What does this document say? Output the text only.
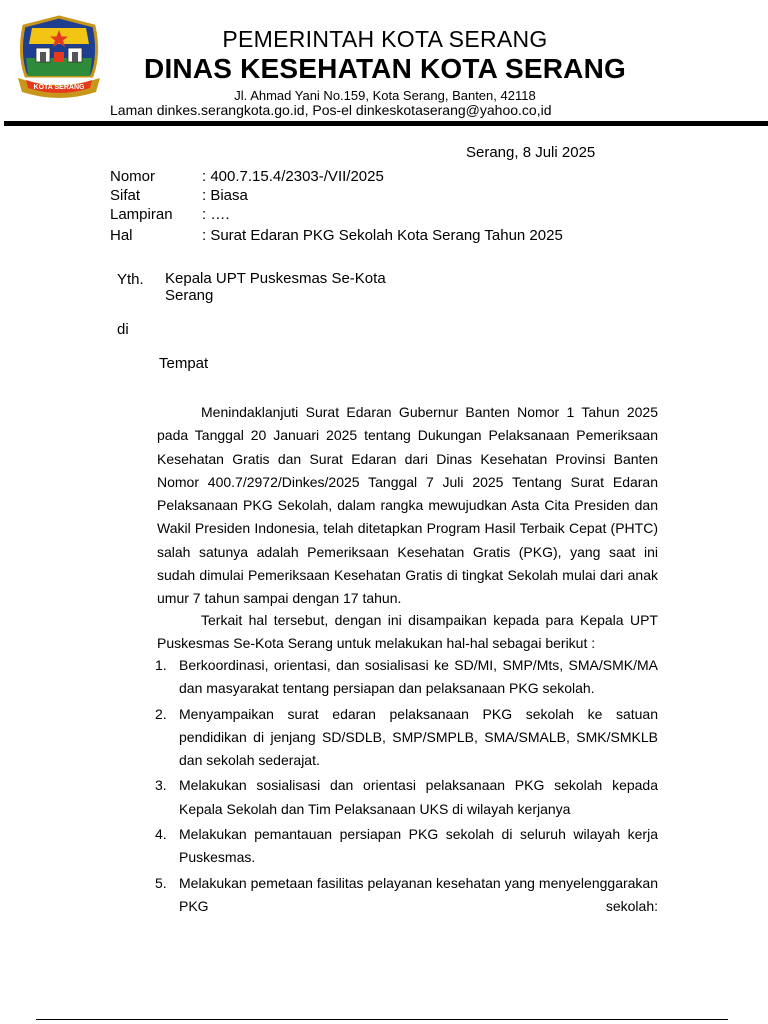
KOTA SERANG
PEMERINTAH KOTA SERANG
DINAS KESEHATAN KOTA SERANG
Jl. Ahmad Yani No.159, Kota Serang, Banten, 42118
Laman dinkes.serangkota.go.id, Pos-el dinkeskotaserang@yahoo.co,id
Serang, 8 Juli 2025
Nomor	: 400.7.15.4/2303-/VII/2025
Sifat	: Biasa
Lampiran : ….
Hal	: Surat Edaran PKG Sekolah Kota Serang Tahun 2025
Yth. Kepala UPT Puskesmas Se-Kota
Serang
di
Tempat

Menindaklanjuti Surat Edaran Gubernur Banten Nomor 1 Tahun 2025 pada Tanggal 20 Januari 2025 tentang Dukungan Pelaksanaan Pemeriksaan Kesehatan Gratis dan Surat Edaran dari Dinas Kesehatan Provinsi Banten Nomor 400.7/2972/Dinkes/2025 Tanggal 7 Juli 2025 Tentang Surat Edaran Pelaksanaan PKG Sekolah, dalam rangka mewujudkan Asta Cita Presiden dan Wakil Presiden Indonesia, telah ditetapkan Program Hasil Terbaik Cepat (PHTC) salah satunya adalah Pemeriksaan Kesehatan Gratis (PKG), yang saat ini sudah dimulai Pemeriksaan Kesehatan Gratis di tingkat Sekolah mulai dari anak umur 7 tahun sampai dengan 17 tahun.

Terkait hal tersebut, dengan ini disampaikan kepada para Kepala UPT Puskesmas Se-Kota Serang untuk melakukan hal-hal sebagai berikut :

1. Berkoordinasi, orientasi, dan sosialisasi ke SD/MI, SMP/Mts, SMA/SMK/MA dan masyarakat tentang persiapan dan pelaksanaan PKG sekolah.
2. Menyampaikan surat edaran pelaksanaan PKG sekolah ke satuan pendidikan di jenjang SD/SDLB, SMP/SMPLB, SMA/SMALB, SMK/SMKLB dan sekolah sederajat.
3. Melakukan sosialisasi dan orientasi pelaksanaan PKG sekolah kepada Kepala Sekolah dan Tim Pelaksanaan UKS di wilayah kerjanya
4. Melakukan pemantauan persiapan PKG sekolah di seluruh wilayah kerja Puskesmas.
5. Melakukan pemetaan fasilitas pelayanan kesehatan yang menyelenggarakan PKG sekolah:
